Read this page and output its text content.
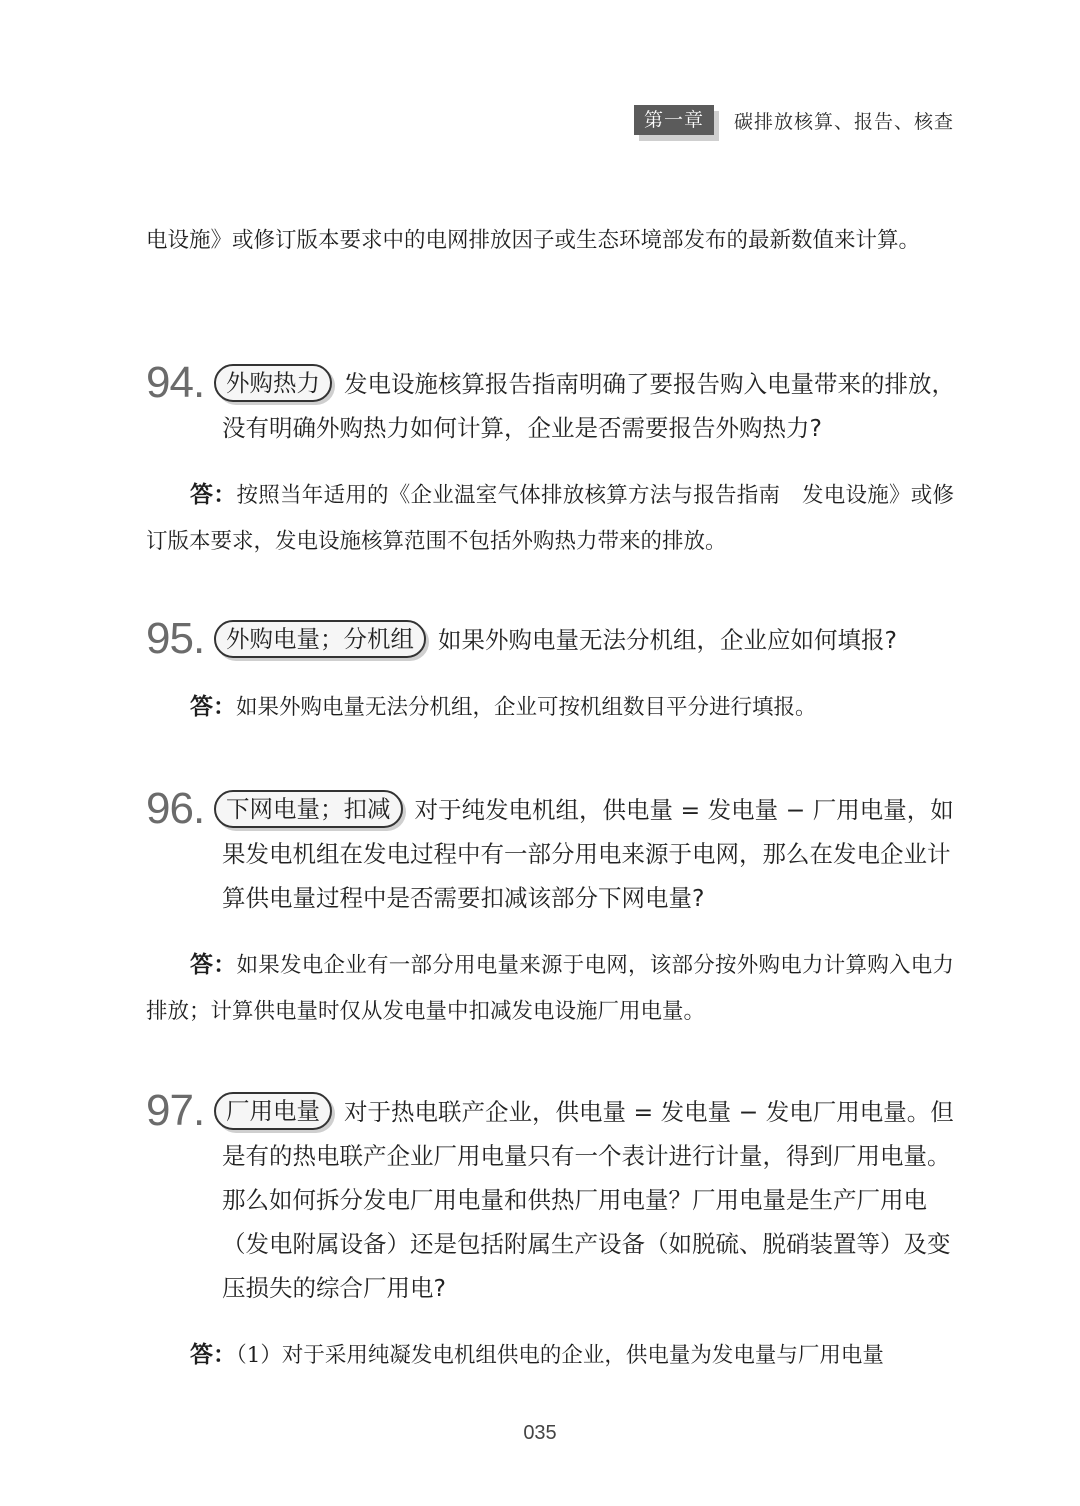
第一章	碳排放核算、报告、核查

电设施》或修订版本要求中的电网排放因子或生态环境部发布的最新数值来计算。

94. 外购热力 发电设施核算报告指南明确了要报告购入电量带来的排放，没有明确外购热力如何计算，企业是否需要报告外购热力?
答：按照当年适用的《企业温室气体排放核算方法与报告指南　发电设施》或修订版本要求，发电设施核算范围不包括外购热力带来的排放。
95. 外购电量；分机组 如果外购电量无法分机组，企业应如何填报?
答：如果外购电量无法分机组，企业可按机组数目平分进行填报。
96. 下网电量；扣减 对于纯发电机组，供电量 = 发电量 − 厂用电量，如果发电机组在发电过程中有一部分用电来源于电网，那么在发电企业计算供电量过程中是否需要扣减该部分下网电量?
答：如果发电企业有一部分用电量来源于电网，该部分按外购电力计算购入电力排放；计算供电量时仅从发电量中扣减发电设施厂用电量。
97. 厂用电量 对于热电联产企业，供电量 = 发电量 − 发电厂用电量。但是有的热电联产企业厂用电量只有一个表计进行计量，得到厂用电量。那么如何拆分发电厂用电量和供热厂用电量？厂用电量是生产厂用电（发电附属设备）还是包括附属生产设备（如脱硫、脱硝装置等）及变压损失的综合厂用电?
答：（1）对于采用纯凝发电机组供电的企业，供电量为发电量与厂用电量
035
